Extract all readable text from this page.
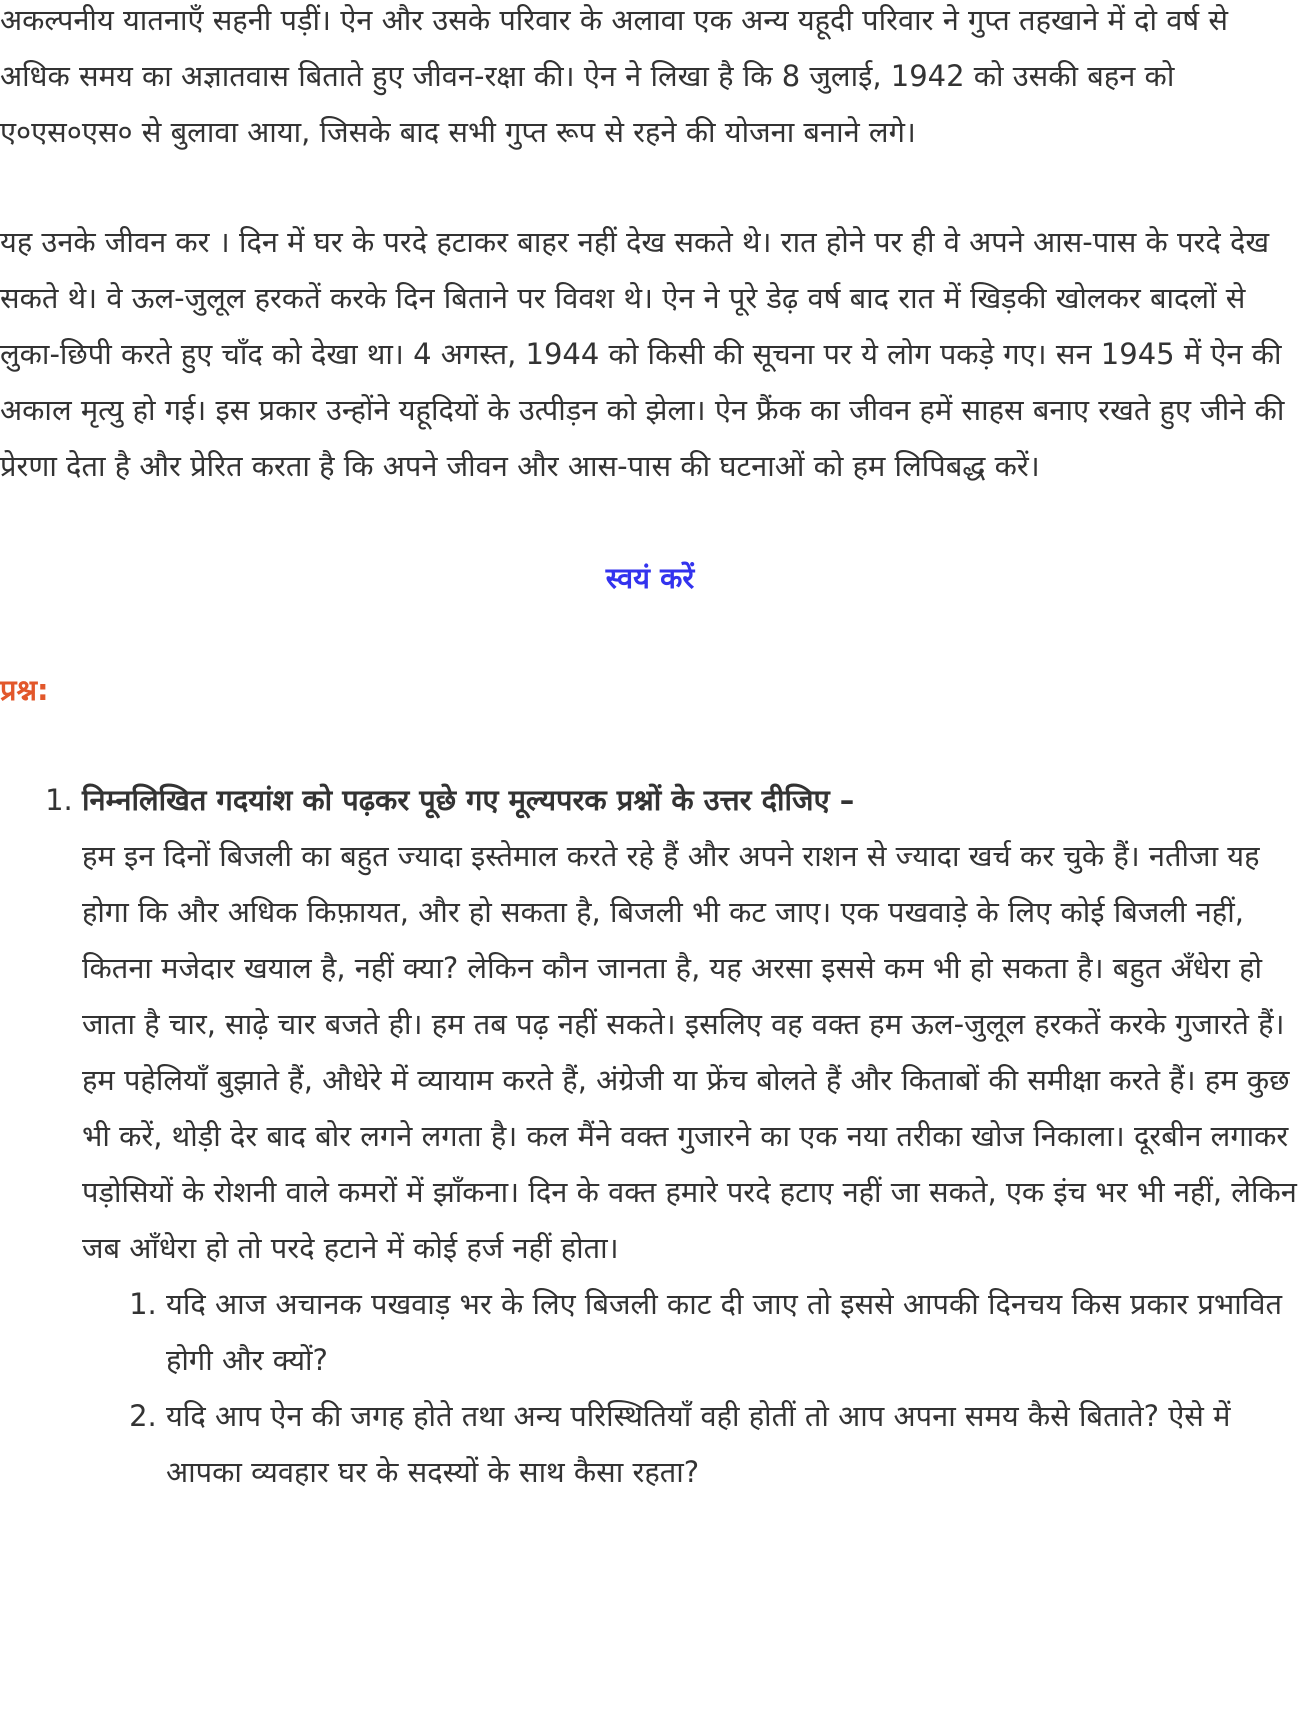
अकल्पनीय यातनाएँ सहनी पड़ीं। ऐन और उसके परिवार के अलावा एक अन्य यहूदी परिवार ने गुप्त तहखाने में दो वर्ष से अधिक समय का अज्ञातवास बिताते हुए जीवन-रक्षा की। ऐन ने लिखा है कि 8 जुलाई, 1942 को उसकी बहन को ए०एस०एस० से बुलावा आया, जिसके बाद सभी गुप्त रूप से रहने की योजना बनाने लगे।

यह उनके जीवन कर । दिन में घर के परदे हटाकर बाहर नहीं देख सकते थे। रात होने पर ही वे अपने आस-पास के परदे देख सकते थे। वे ऊल-जुलूल हरकतें करके दिन बिताने पर विवश थे। ऐन ने पूरे डेढ़ वर्ष बाद रात में खिड़की खोलकर बादलों से लुका-छिपी करते हुए चाँद को देखा था। 4 अगस्त, 1944 को किसी की सूचना पर ये लोग पकड़े गए। सन 1945 में ऐन की अकाल मृत्यु हो गई। इस प्रकार उन्होंने यहूदियों के उत्पीड़न को झेला। ऐन फ्रैंक का जीवन हमें साहस बनाए रखते हुए जीने की प्रेरणा देता है और प्रेरित करता है कि अपने जीवन और आस-पास की घटनाओं को हम लिपिबद्ध करें।

स्वयं करें

प्रश्न:

1. निम्नलिखित गदयांश को पढ़कर पूछे गए मूल्यपरक प्रश्नों के उत्तर दीजिए –
हम इन दिनों बिजली का बहुत ज्यादा इस्तेमाल करते रहे हैं और अपने राशन से ज्यादा खर्च कर चुके हैं। नतीजा यह होगा कि और अधिक किफ़ायत, और हो सकता है, बिजली भी कट जाए। एक पखवाड़े के लिए कोई बिजली नहीं, कितना मजेदार खयाल है, नहीं क्या? लेकिन कौन जानता है, यह अरसा इससे कम भी हो सकता है। बहुत अँधेरा हो जाता है चार, साढ़े चार बजते ही। हम तब पढ़ नहीं सकते। इसलिए वह वक्त हम ऊल-जुलूल हरकतें करके गुजारते हैं। हम पहेलियाँ बुझाते हैं, औधेरे में व्यायाम करते हैं, अंग्रेजी या फ्रेंच बोलते हैं और किताबों की समीक्षा करते हैं। हम कुछ भी करें, थोड़ी देर बाद बोर लगने लगता है। कल मैंने वक्त गुजारने का एक नया तरीका खोज निकाला। दूरबीन लगाकर पड़ोसियों के रोशनी वाले कमरों में झाँकना। दिन के वक्त हमारे परदे हटाए नहीं जा सकते, एक इंच भर भी नहीं, लेकिन जब आँधेरा हो तो परदे हटाने में कोई हर्ज नहीं होता।
1. यदि आज अचानक पखवाड़ भर के लिए बिजली काट दी जाए तो इससे आपकी दिनचय किस प्रकार प्रभावित होगी और क्यों?
2. यदि आप ऐन की जगह होते तथा अन्य परिस्थितियाँ वही होतीं तो आप अपना समय कैसे बिताते? ऐसे में आपका व्यवहार घर के सदस्यों के साथ कैसा रहता?
